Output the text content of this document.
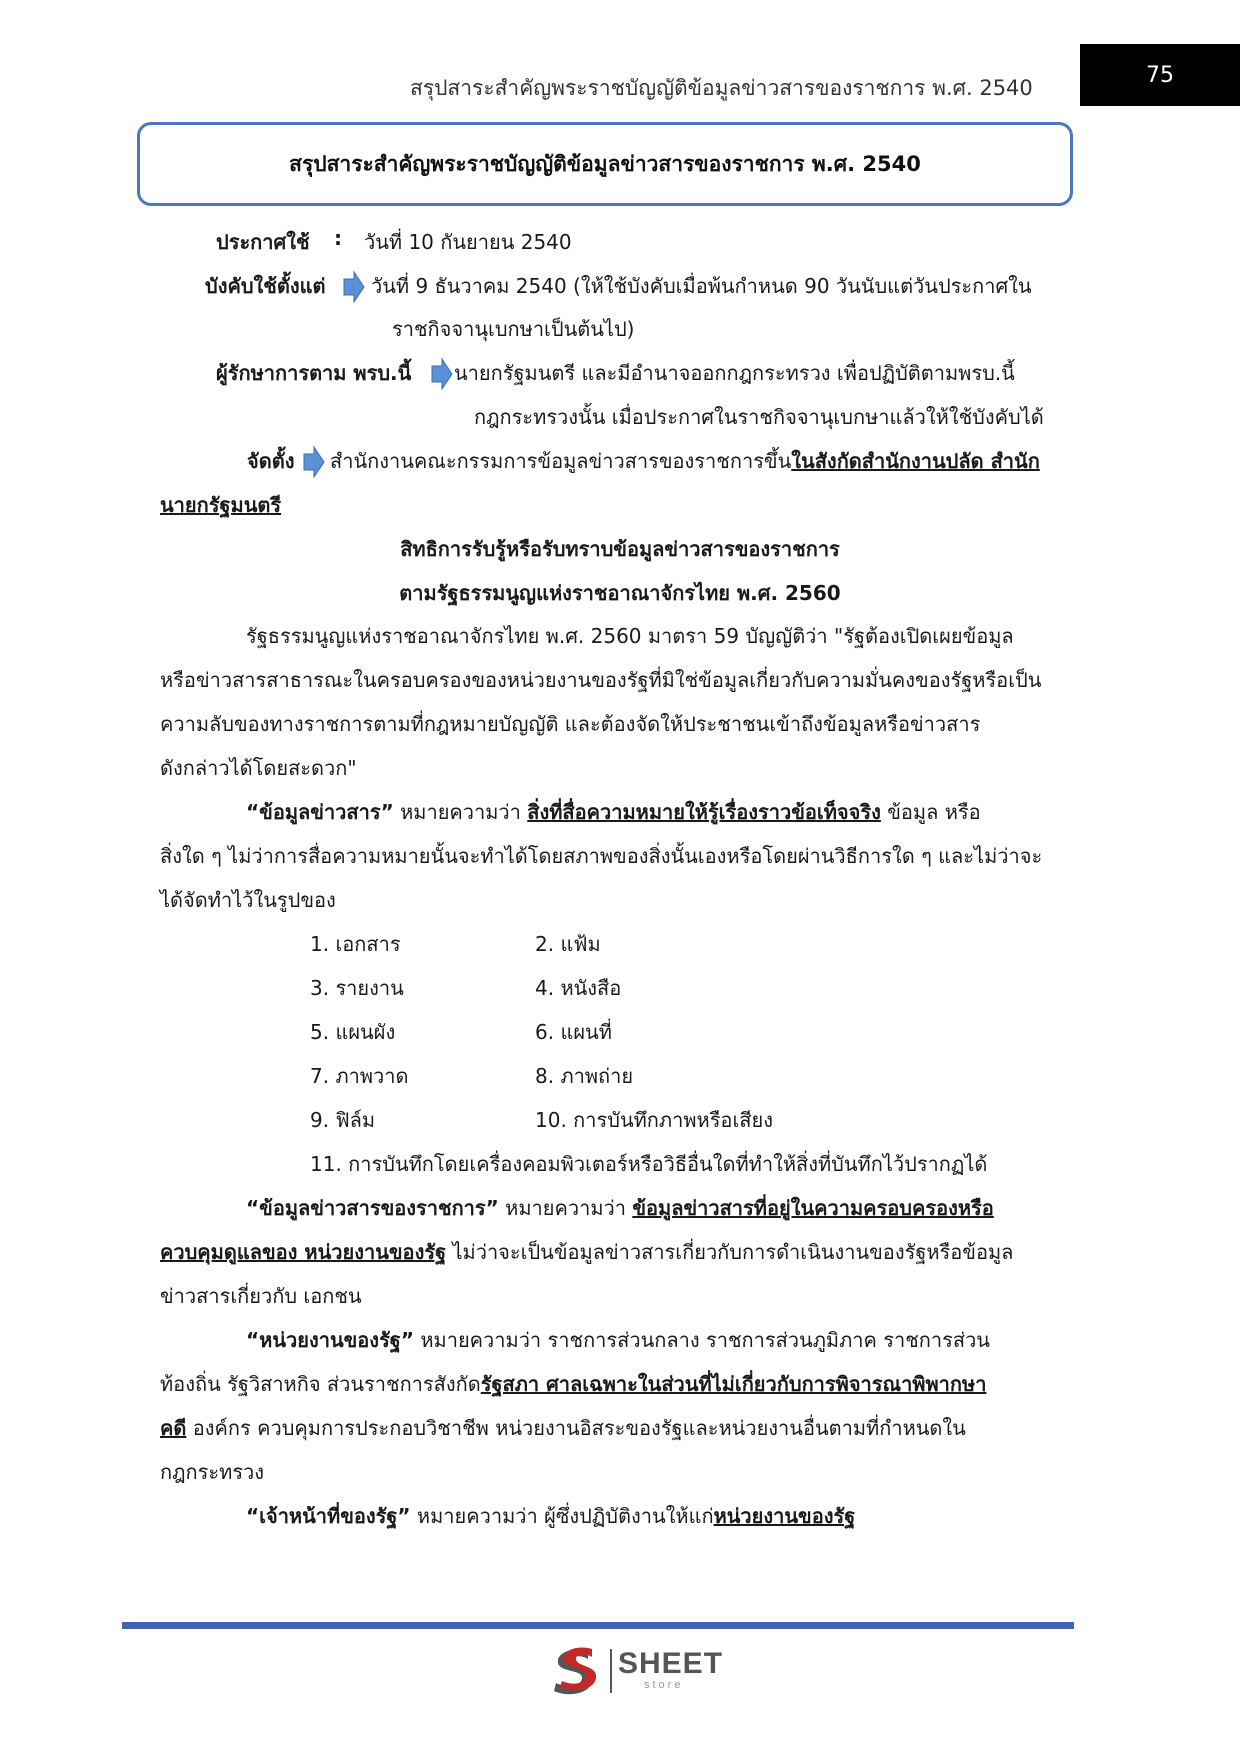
สรุปสาระสำคัญพระราชบัญญัติข้อมูลข่าวสารของราชการ พ.ศ. 2540
75
สรุปสาระสำคัญพระราชบัญญัติข้อมูลข่าวสารของราชการ พ.ศ. 2540
ประกาศใช้ : วันที่ 10 กันยายน 2540
บังคับใช้ตั้งแต่ วันที่ 9 ธันวาคม 2540 (ให้ใช้บังคับเมื่อพ้นกำหนด 90 วันนับแต่วันประกาศใน
ราชกิจจานุเบกษาเป็นต้นไป)
ผู้รักษาการตาม พรบ.นี้ นายกรัฐมนตรี และมีอำนาจออกกฎกระทรวง เพื่อปฏิบัติตามพรบ.นี้
กฎกระทรวงนั้น เมื่อประกาศในราชกิจจานุเบกษาแล้วให้ใช้บังคับได้
จัดตั้ง สำนักงานคณะกรรมการข้อมูลข่าวสารของราชการขึ้นในสังกัดสำนักงานปลัด สำนัก
นายกรัฐมนตรี
สิทธิการรับรู้หรือรับทราบข้อมูลข่าวสารของราชการ
ตามรัฐธรรมนูญแห่งราชอาณาจักรไทย พ.ศ. 2560
รัฐธรรมนูญแห่งราชอาณาจักรไทย พ.ศ. 2560 มาตรา 59 บัญญัติว่า "รัฐต้องเปิดเผยข้อมูล
หรือข่าวสารสาธารณะในครอบครองของหน่วยงานของรัฐที่มิใช่ข้อมูลเกี่ยวกับความมั่นคงของรัฐหรือเป็น
ความลับของทางราชการตามที่กฎหมายบัญญัติ และต้องจัดให้ประชาชนเข้าถึงข้อมูลหรือข่าวสาร
ดังกล่าวได้โดยสะดวก"
“ข้อมูลข่าวสาร” หมายความว่า สิ่งที่สื่อความหมายให้รู้เรื่องราวข้อเท็จจริง ข้อมูล หรือ
สิ่งใด ๆ ไม่ว่าการสื่อความหมายนั้นจะทำได้โดยสภาพของสิ่งนั้นเองหรือโดยผ่านวิธีการใด ๆ และไม่ว่าจะ
ได้จัดทำไว้ในรูปของ
1. เอกสาร	2. แฟ้ม
3. รายงาน	4. หนังสือ
5. แผนผัง	6. แผนที่
7. ภาพวาด	8. ภาพถ่าย
9. ฟิล์ม	10. การบันทึกภาพหรือเสียง
11. การบันทึกโดยเครื่องคอมพิวเตอร์หรือวิธีอื่นใดที่ทำให้สิ่งที่บันทึกไว้ปรากฏได้
“ข้อมูลข่าวสารของราชการ” หมายความว่า ข้อมูลข่าวสารที่อยู่ในความครอบครองหรือ
ควบคุมดูแลของ หน่วยงานของรัฐ ไม่ว่าจะเป็นข้อมูลข่าวสารเกี่ยวกับการดำเนินงานของรัฐหรือข้อมูล
ข่าวสารเกี่ยวกับ เอกชน
“หน่วยงานของรัฐ” หมายความว่า ราชการส่วนกลาง ราชการส่วนภูมิภาค ราชการส่วน
ท้องถิ่น รัฐวิสาหกิจ ส่วนราชการสังกัดรัฐสภา ศาลเฉพาะในส่วนที่ไม่เกี่ยวกับการพิจารณาพิพากษา
คดี องค์กร ควบคุมการประกอบวิชาชีพ หน่วยงานอิสระของรัฐและหน่วยงานอื่นตามที่กำหนดใน
กฎกระทรวง
“เจ้าหน้าที่ของรัฐ” หมายความว่า ผู้ซึ่งปฏิบัติงานให้แก่หน่วยงานของรัฐ
SHEET
store
